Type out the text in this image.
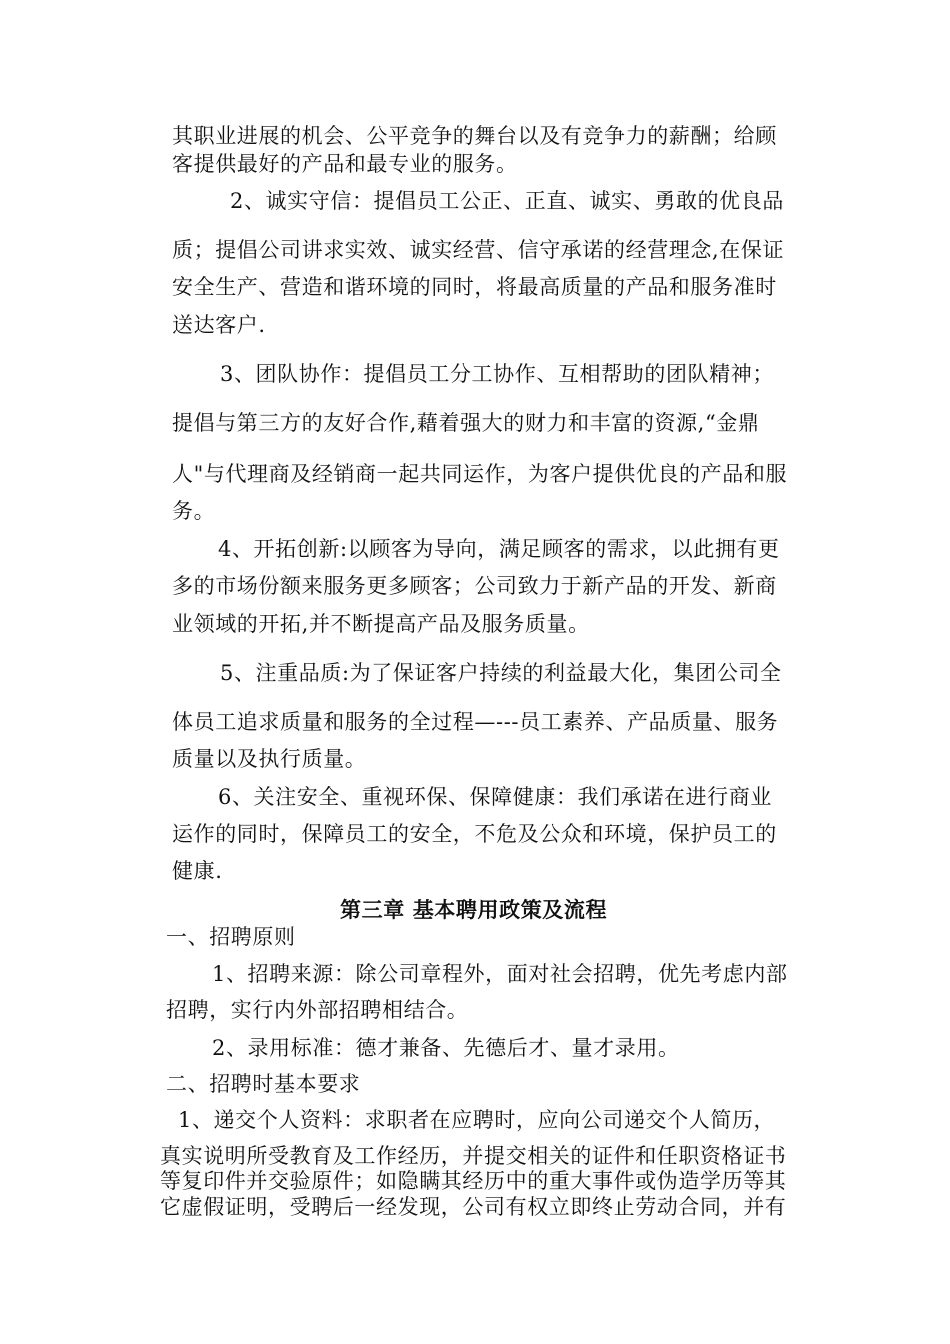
其职业进展的机会、公平竞争的舞台以及有竞争力的薪酬；给顾
客提供最好的产品和最专业的服务。
2、诚实守信：提倡员工公正、正直、诚实、勇敢的优良品
质；提倡公司讲求实效、诚实经营、信守承诺的经营理念,在保证
安全生产、营造和谐环境的同时，将最高质量的产品和服务准时
送达客户.
3、团队协作：提倡员工分工协作、互相帮助的团队精神；
提倡与第三方的友好合作,藉着强大的财力和丰富的资源,“金鼎
人"与代理商及经销商一起共同运作，为客户提供优良的产品和服
务。
4、开拓创新:以顾客为导向，满足顾客的需求，以此拥有更
多的市场份额来服务更多顾客；公司致力于新产品的开发、新商
业领域的开拓,并不断提高产品及服务质量。
5、注重品质:为了保证客户持续的利益最大化，集团公司全
体员工追求质量和服务的全过程—---员工素养、产品质量、服务
质量以及执行质量。
6、关注安全、重视环保、保障健康：我们承诺在进行商业
运作的同时，保障员工的安全，不危及公众和环境，保护员工的
健康.
第三章 基本聘用政策及流程
一、招聘原则
1、招聘来源：除公司章程外，面对社会招聘，优先考虑内部
招聘，实行内外部招聘相结合。
2、录用标准：德才兼备、先德后才、量才录用。
二、招聘时基本要求
1、递交个人资料：求职者在应聘时，应向公司递交个人简历，
真实说明所受教育及工作经历，并提交相关的证件和任职资格证书
等复印件并交验原件；如隐瞒其经历中的重大事件或伪造学历等其
它虚假证明，受聘后一经发现，公司有权立即终止劳动合同，并有
